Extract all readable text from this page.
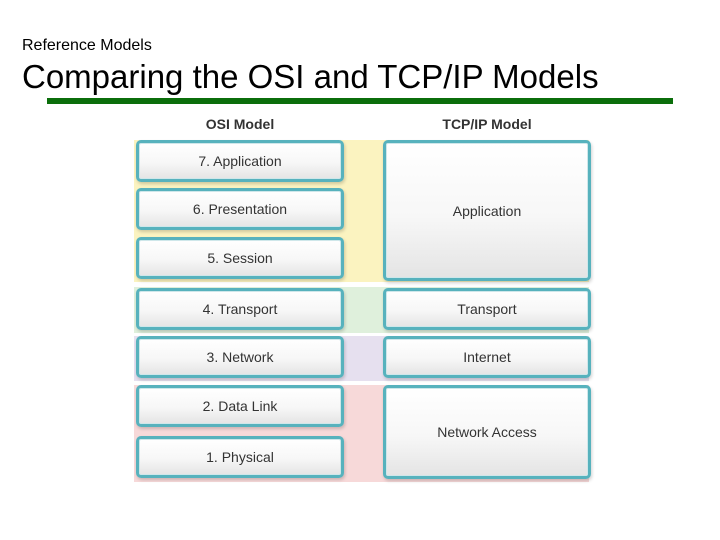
Reference Models
Comparing the OSI and TCP/IP Models
OSI Model	TCP/IP Model
7. Application
6. Presentation
5. Session
4. Transport
3. Network
2. Data Link
1. Physical
Application
Transport
Internet
Network Access
